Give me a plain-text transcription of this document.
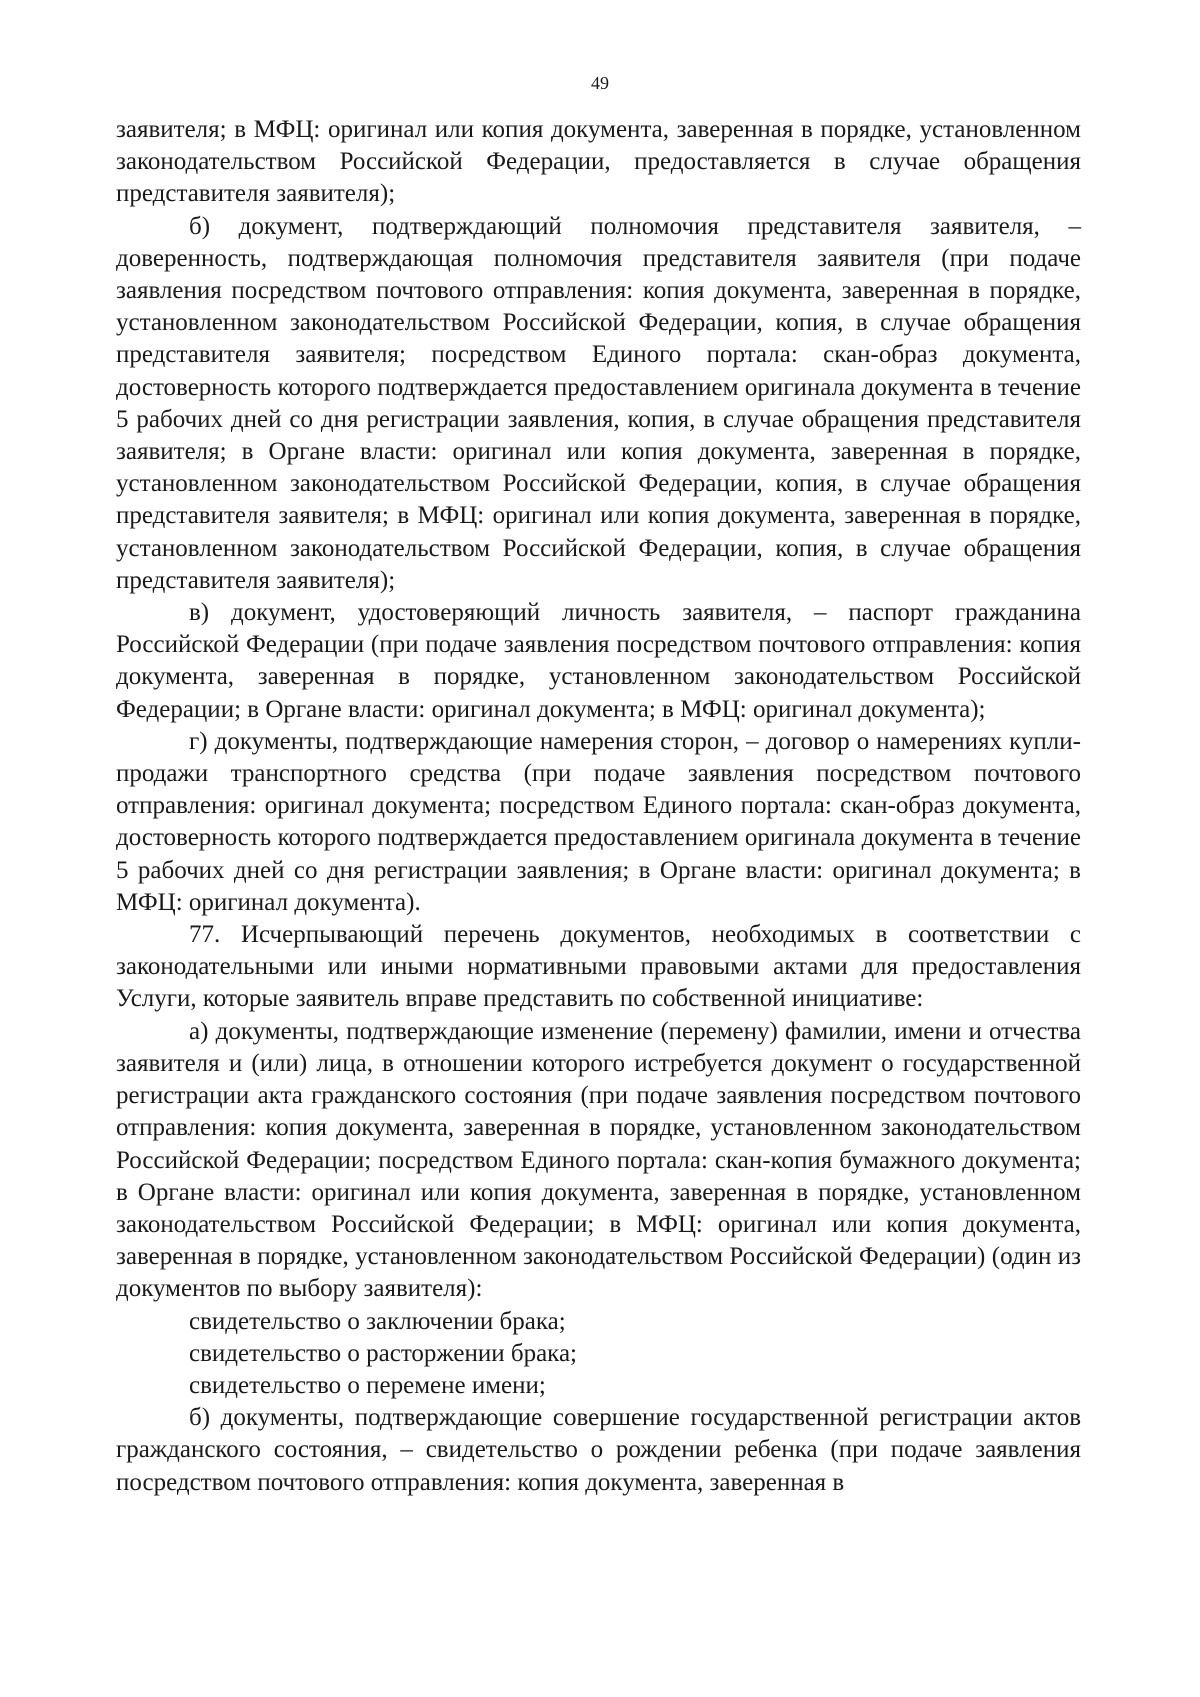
49

заявителя; в МФЦ: оригинал или копия документа, заверенная в порядке, установленном законодательством Российской Федерации, предоставляется в случае обращения представителя заявителя);

б) документ, подтверждающий полномочия представителя заявителя, – доверенность, подтверждающая полномочия представителя заявителя (при подаче заявления посредством почтового отправления: копия документа, заверенная в порядке, установленном законодательством Российской Федерации, копия, в случае обращения представителя заявителя; посредством Единого портала: скан-образ документа, достоверность которого подтверждается предоставлением оригинала документа в течение 5 рабочих дней со дня регистрации заявления, копия, в случае обращения представителя заявителя; в Органе власти: оригинал или копия документа, заверенная в порядке, установленном законодательством Российской Федерации, копия, в случае обращения представителя заявителя; в МФЦ: оригинал или копия документа, заверенная в порядке, установленном законодательством Российской Федерации, копия, в случае обращения представителя заявителя);

в) документ, удостоверяющий личность заявителя, – паспорт гражданина Российской Федерации (при подаче заявления посредством почтового отправления: копия документа, заверенная в порядке, установленном законодательством Российской Федерации; в Органе власти: оригинал документа; в МФЦ: оригинал документа);

г) документы, подтверждающие намерения сторон, – договор о намерениях купли-продажи транспортного средства (при подаче заявления посредством почтового отправления: оригинал документа; посредством Единого портала: скан-образ документа, достоверность которого подтверждается предоставлением оригинала документа в течение 5 рабочих дней со дня регистрации заявления; в Органе власти: оригинал документа; в МФЦ: оригинал документа).

77. Исчерпывающий перечень документов, необходимых в соответствии с законодательными или иными нормативными правовыми актами для предоставления Услуги, которые заявитель вправе представить по собственной инициативе:

а) документы, подтверждающие изменение (перемену) фамилии, имени и отчества заявителя и (или) лица, в отношении которого истребуется документ о государственной регистрации акта гражданского состояния (при подаче заявления посредством почтового отправления: копия документа, заверенная в порядке, установленном законодательством Российской Федерации; посредством Единого портала: скан-копия бумажного документа; в Органе власти: оригинал или копия документа, заверенная в порядке, установленном законодательством Российской Федерации; в МФЦ: оригинал или копия документа, заверенная в порядке, установленном законодательством Российской Федерации) (один из документов по выбору заявителя):

свидетельство о заключении брака;

свидетельство о расторжении брака;

свидетельство о перемене имени;

б) документы, подтверждающие совершение государственной регистрации актов гражданского состояния, – свидетельство о рождении ребенка (при подаче заявления посредством почтового отправления: копия документа, заверенная в
